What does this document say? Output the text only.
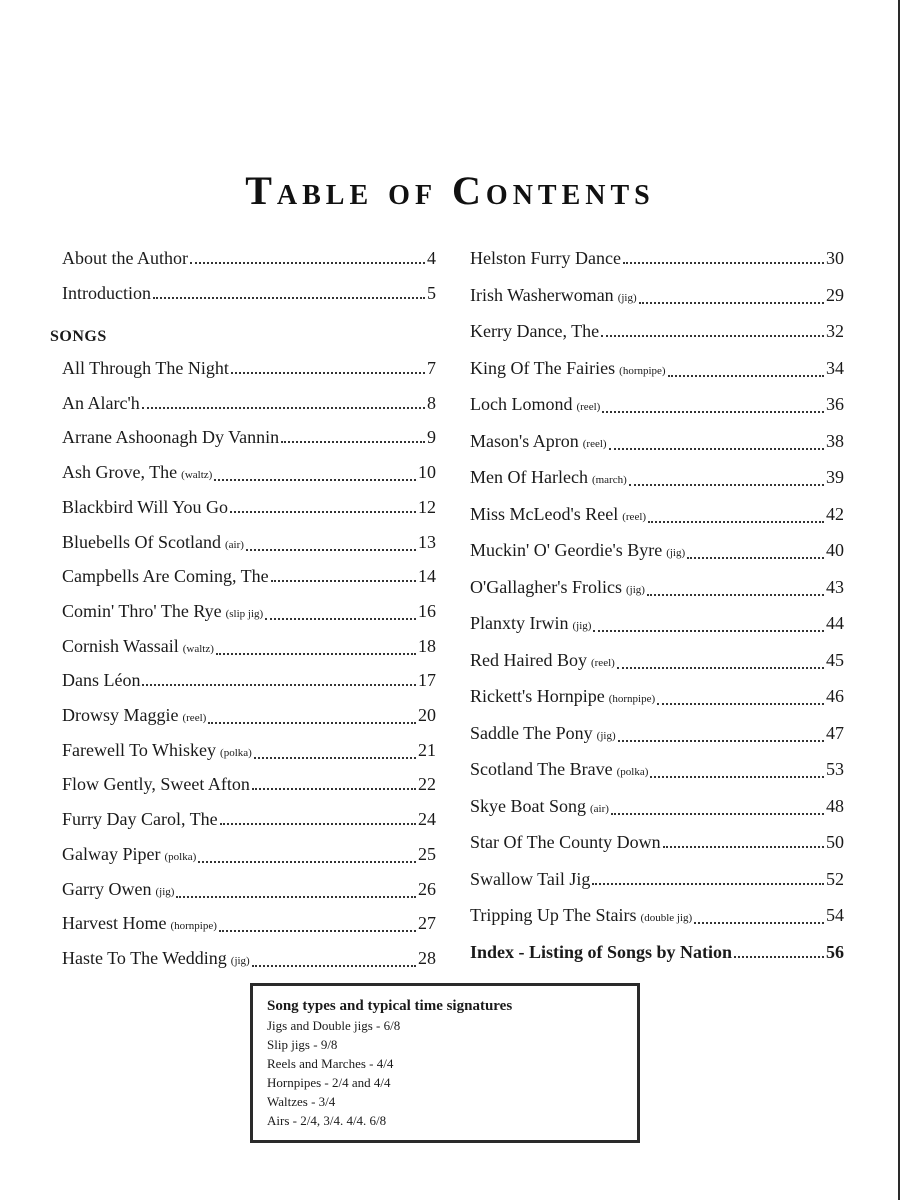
Table of Contents
About the Author	4
Introduction	5
All Through The Night	7
An Alarc'h	8
Arrane Ashoonagh Dy Vannin	9
Ash Grove, The (waltz)	10
Blackbird Will You Go	12
Bluebells Of Scotland (air)	13
Campbells Are Coming, The	14
Comin' Thro' The Rye (slip jig)	16
Cornish Wassail (waltz)	18
Dans Léon	17
Drowsy Maggie (reel)	20
Farewell To Whiskey (polka)	21
Flow Gently, Sweet Afton	22
Furry Day Carol, The	24
Galway Piper (polka)	25
Garry Owen (jig)	26
Harvest Home (hornpipe)	27
Haste To The Wedding (jig)	28
SONGS
Helston Furry Dance	30
Irish Washerwoman (jig)	29
Kerry Dance, The	32
King Of The Fairies (hornpipe)	34
Loch Lomond (reel)	36
Mason's Apron (reel)	38
Men Of Harlech (march)	39
Miss McLeod's Reel (reel)	42
Muckin' O' Geordie's Byre (jig)	40
O'Gallagher's Frolics (jig)	43
Planxty Irwin (jig)	44
Red Haired Boy (reel)	45
Rickett's Hornpipe (hornpipe)	46
Saddle The Pony (jig)	47
Scotland The Brave (polka)	53
Skye Boat Song (air)	48
Star Of The County Down	50
Swallow Tail Jig	52
Tripping Up The Stairs (double jig)	54
Index - Listing of Songs by Nation	56
Song types and typical time signatures
Jigs and Double jigs - 6/8
Slip jigs - 9/8
Reels and Marches - 4/4
Hornpipes - 2/4 and 4/4
Waltzes - 3/4
Airs - 2/4, 3/4. 4/4. 6/8
